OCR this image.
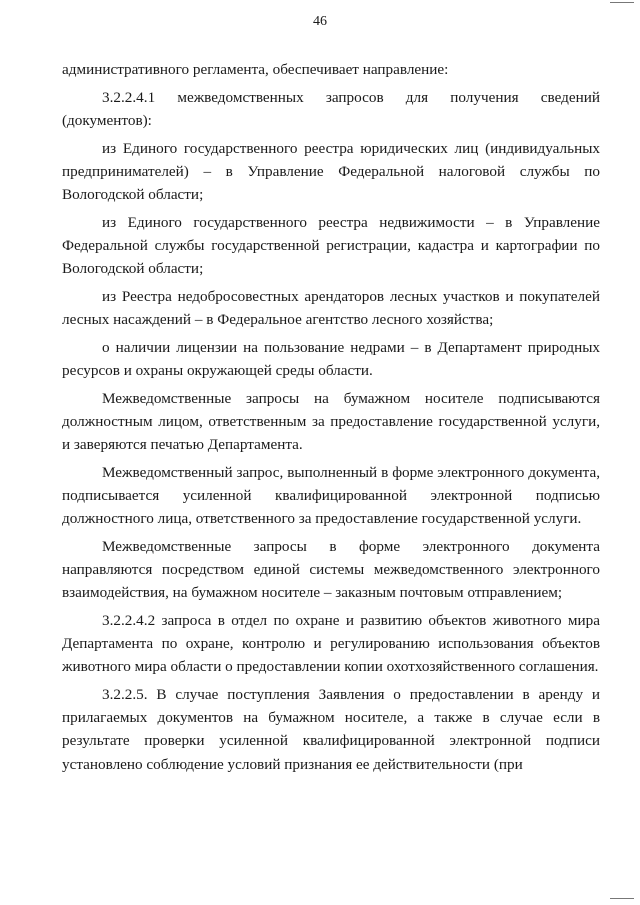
46

административного регламента, обеспечивает направление:

3.2.2.4.1 межведомственных запросов для получения сведений (документов):

из Единого государственного реестра юридических лиц (индивидуальных предпринимателей) – в Управление Федеральной налоговой службы по Вологодской области;

из Единого государственного реестра недвижимости – в Управление Федеральной службы государственной регистрации, кадастра и картографии по Вологодской области;

из Реестра недобросовестных арендаторов лесных участков и покупателей лесных насаждений – в Федеральное агентство лесного хозяйства;

о наличии лицензии на пользование недрами – в Департамент природных ресурсов и охраны окружающей среды области.

Межведомственные запросы на бумажном носителе подписываются должностным лицом, ответственным за предоставление государственной услуги, и заверяются печатью Департамента.

Межведомственный запрос, выполненный в форме электронного документа, подписывается усиленной квалифицированной электронной подписью должностного лица, ответственного за предоставление государственной услуги.

Межведомственные запросы в форме электронного документа направляются посредством единой системы межведомственного электронного взаимодействия, на бумажном носителе – заказным почтовым отправлением;

3.2.2.4.2 запроса в отдел по охране и развитию объектов животного мира Департамента по охране, контролю и регулированию использования объектов животного мира области о предоставлении копии охотхозяйственного соглашения.

3.2.2.5. В случае поступления Заявления о предоставлении в аренду и прилагаемых документов на бумажном носителе, а также в случае если в результате проверки усиленной квалифицированной электронной подписи установлено соблюдение условий признания ее действительности (при
